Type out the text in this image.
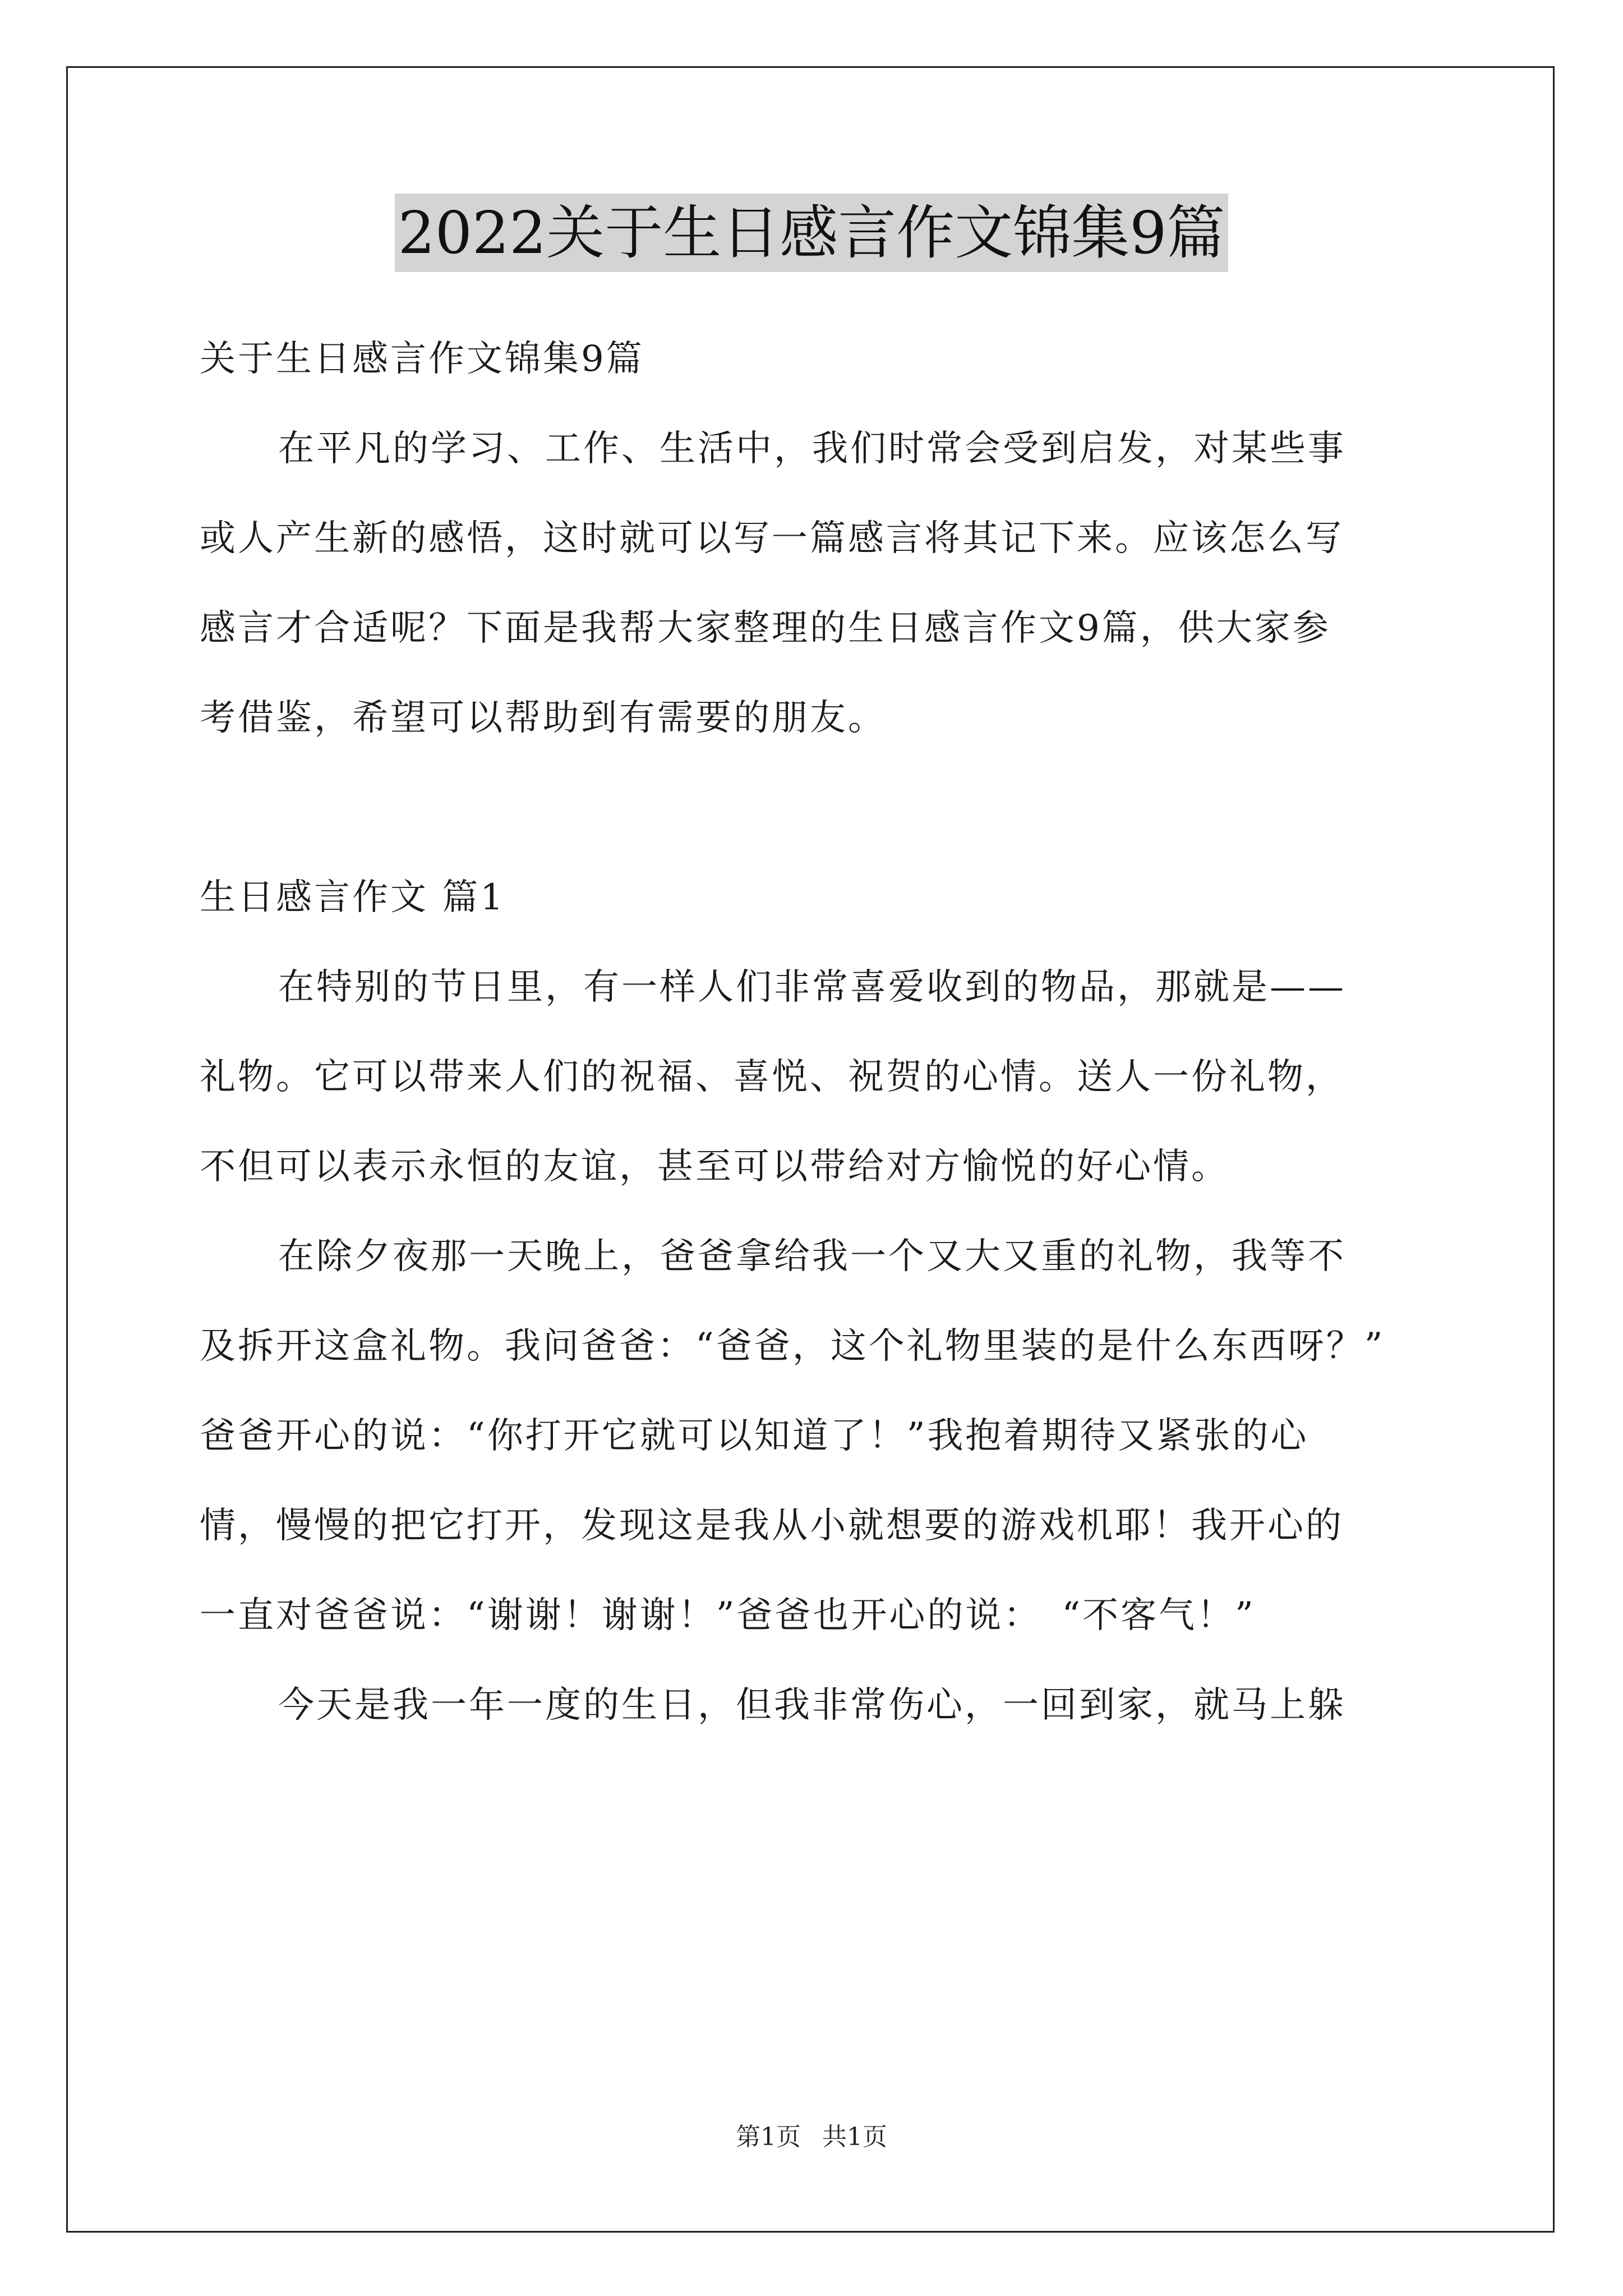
2022关于生日感言作文锦集9篇
关于生日感言作文锦集9篇
在平凡的学习、工作、生活中，我们时常会受到启发，对某些事
或人产生新的感悟，这时就可以写一篇感言将其记下来。应该怎么写
感言才合适呢？下面是我帮大家整理的生日感言作文9篇，供大家参
考借鉴，希望可以帮助到有需要的朋友。
生日感言作文 篇1
在特别的节日里，有一样人们非常喜爱收到的物品，那就是——
礼物。它可以带来人们的祝福、喜悦、祝贺的心情。送人一份礼物，
不但可以表示永恒的友谊，甚至可以带给对方愉悦的好心情。
在除夕夜那一天晚上，爸爸拿给我一个又大又重的礼物，我等不
及拆开这盒礼物。我问爸爸：“爸爸，这个礼物里装的是什么东西呀？”
爸爸开心的说：“你打开它就可以知道了！”我抱着期待又紧张的心
情，慢慢的把它打开，发现这是我从小就想要的游戏机耶！我开心的
一直对爸爸说：“谢谢！谢谢！”爸爸也开心的说：　“不客气！”
今天是我一年一度的生日，但我非常伤心，一回到家，就马上躲
第1页 共1页
